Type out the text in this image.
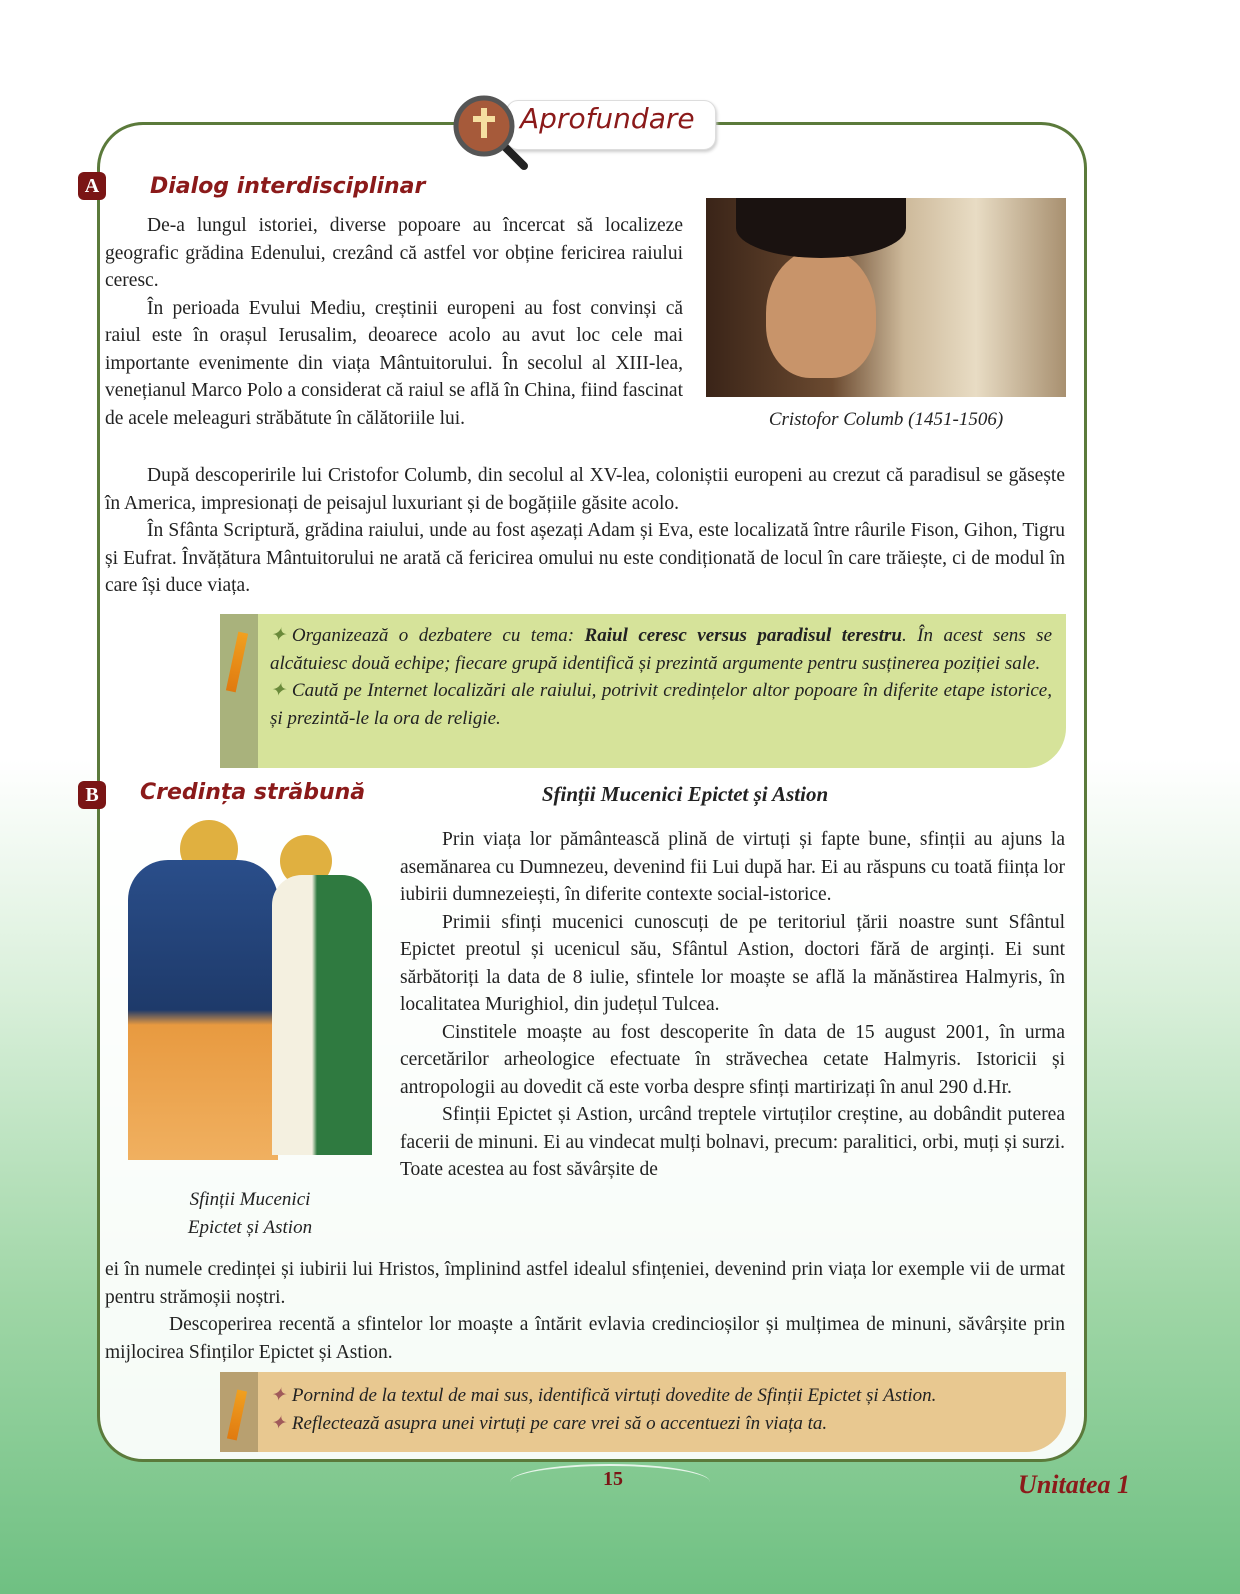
Aprofundare
A	Dialog interdisciplinar

De-a lungul istoriei, diverse popoare au încercat să localizeze geografic grădina Edenului, crezând că astfel vor obține fericirea raiului ceresc.

În perioada Evului Mediu, creștinii europeni au fost convinși că raiul este în orașul Ierusalim, deoarece acolo au avut loc cele mai importante evenimente din viața Mântuitorului. În secolul al XIII-lea, venețianul Marco Polo a considerat că raiul se află în China, fiind fascinat de acele meleaguri străbătute în călătoriile lui.	Cristofor Columb (1451-1506)

După descoperirile lui Cristofor Columb, din secolul al XV-lea, coloniștii europeni au crezut că paradisul se găsește în America, impresionați de peisajul luxuriant și de bogățiile găsite acolo.

În Sfânta Scriptură, grădina raiului, unde au fost așezați Adam și Eva, este localizată între râurile Fison, Gihon, Tigru și Eufrat. Învățătura Mântuitorului ne arată că fericirea omului nu este condiționată de locul în care trăiește, ci de modul în care își duce viața.

✦ Organizează o dezbatere cu tema: Raiul ceresc versus paradisul terestru. În acest sens se alcătuiesc două echipe; fiecare grupă identifică și prezintă argumente pentru susținerea poziției sale.
✦ Caută pe Internet localizări ale raiului, potrivit credințelor altor popoare în diferite etape istorice, și prezintă-le la ora de religie.
B	Credința străbună	Sfinții Mucenici Epictet și Astion
Sfinții Mucenici
Epictet și Astion

Prin viața lor pământească plină de virtuți și fapte bune, sfinții au ajuns la asemănarea cu Dumnezeu, devenind fii Lui după har. Ei au răspuns cu toată ființa lor iubirii dumnezeiești, în diferite contexte social-istorice.

Primii sfinți mucenici cunoscuți de pe teritoriul țării noastre sunt Sfântul Epictet preotul și ucenicul său, Sfântul Astion, doctori fără de arginți. Ei sunt sărbătoriți la data de 8 iulie, sfintele lor moaște se află la mănăstirea Halmyris, în localitatea Murighiol, din județul Tulcea.

Cinstitele moaște au fost descoperite în data de 15 august 2001, în urma cercetărilor arheologice efectuate în străvechea cetate Halmyris. Istoricii și antropologii au dovedit că este vorba despre sfinți martirizați în anul 290 d.Hr.

Sfinții Epictet și Astion, urcând treptele virtuților creștine, au dobândit puterea facerii de minuni. Ei au vindecat mulți bolnavi, precum: paralitici, orbi, muți și surzi. Toate acestea au fost săvârșite de

ei în numele credinței și iubirii lui Hristos, împlinind astfel idealul sfințeniei, devenind prin viața lor exemple vii de urmat pentru strămoșii noștri.

Descoperirea recentă a sfintelor lor moaște a întărit evlavia credincioșilor și mulțimea de minuni, săvârșite prin mijlocirea Sfinților Epictet și Astion.

✦ Pornind de la textul de mai sus, identifică virtuți dovedite de Sfinții Epictet și Astion.
✦ Reflectează asupra unei virtuți pe care vrei să o accentuezi în viața ta.
15	Unitatea 1
